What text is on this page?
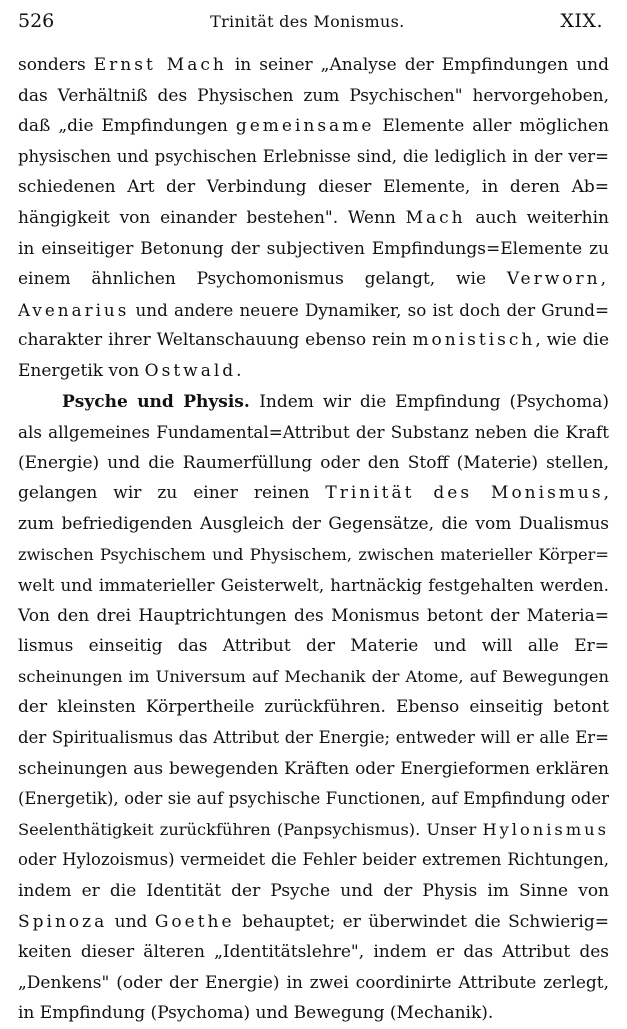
526	Trinität des Monismus.	XIX.
sonders Ernst Mach in seiner „Analyse der Empfindungen und
das Verhältniß des Physischen zum Psychischen" hervorgehoben,
daß „die Empfindungen gemeinsame Elemente aller möglichen
physischen und psychischen Erlebnisse sind, die lediglich in der ver=
schiedenen Art der Verbindung dieser Elemente, in deren Ab=
hängigkeit von einander bestehen". Wenn Mach auch weiterhin
in einseitiger Betonung der subjectiven Empfindungs=Elemente zu
einem ähnlichen Psychomonismus gelangt, wie Verworn,
Avenarius und andere neuere Dynamiker, so ist doch der Grund=
charakter ihrer Weltanschauung ebenso rein monistisch, wie die
Energetik von Ostwald.
Psyche und Physis. Indem wir die Empfindung (Psychoma)
als allgemeines Fundamental=Attribut der Substanz neben die Kraft
(Energie) und die Raumerfüllung oder den Stoff (Materie) stellen,
gelangen wir zu einer reinen Trinität des Monismus,
zum befriedigenden Ausgleich der Gegensätze, die vom Dualismus
zwischen Psychischem und Physischem, zwischen materieller Körper=
welt und immaterieller Geisterwelt, hartnäckig festgehalten werden.
Von den drei Hauptrichtungen des Monismus betont der Materia=
lismus einseitig das Attribut der Materie und will alle Er=
scheinungen im Universum auf Mechanik der Atome, auf Bewegungen
der kleinsten Körpertheile zurückführen. Ebenso einseitig betont
der Spiritualismus das Attribut der Energie; entweder will er alle Er=
scheinungen aus bewegenden Kräften oder Energieformen erklären
(Energetik), oder sie auf psychische Functionen, auf Empfindung oder
Seelenthätigkeit zurückführen (Panpsychismus). Unser Hylonismus
oder Hylozoismus) vermeidet die Fehler beider extremen Richtungen,
indem er die Identität der Psyche und der Physis im Sinne von
Spinoza und Goethe behauptet; er überwindet die Schwierig=
keiten dieser älteren „Identitätslehre", indem er das Attribut des
„Denkens" (oder der Energie) in zwei coordinirte Attribute zerlegt,
in Empfindung (Psychoma) und Bewegung (Mechanik).
